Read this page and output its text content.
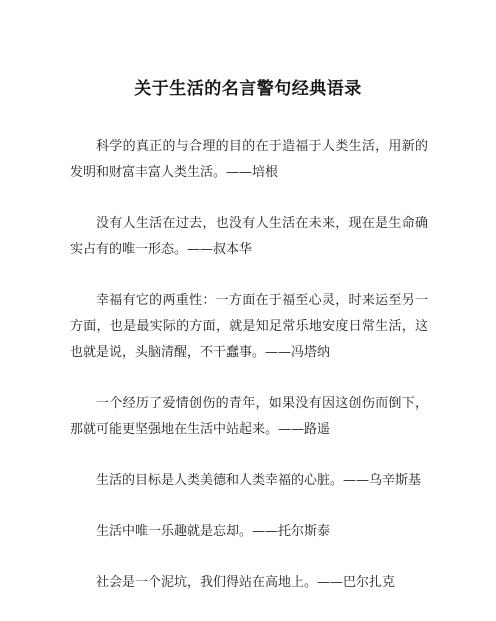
关于生活的名言警句经典语录

科学的真正的与合理的目的在于造福于人类生活，用新的发明和财富丰富人类生活。——培根

没有人生活在过去，也没有人生活在未来，现在是生命确实占有的唯一形态。——叔本华

幸福有它的两重性：一方面在于福至心灵，时来运至另一方面，也是最实际的方面，就是知足常乐地安度日常生活，这也就是说，头脑清醒，不干蠢事。——冯塔纳

一个经历了爱情创伤的青年，如果没有因这创伤而倒下，那就可能更坚强地在生活中站起来。——路遥

生活的目标是人类美德和人类幸福的心脏。——乌辛斯基

生活中唯一乐趣就是忘却。——托尔斯泰

社会是一个泥坑，我们得站在高地上。——巴尔扎克
